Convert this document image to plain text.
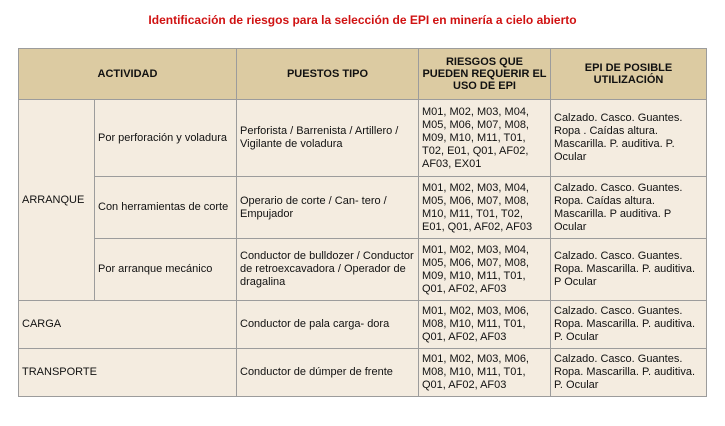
Identificación de riesgos para la selección de EPI en minería a cielo abierto
ACTIVIDAD		PUESTOS TIPO	RIESGOS QUE PUEDEN REQUERIR EL USO DE EPI	EPI DE POSIBLE UTILIZACIÓN
ARRANQUE	Por perforación y voladura	Perforista / Barrenista / Artillero / Vigilante de voladura	M01, M02, M03, M04, M05, M06, M07, M08, M09, M10, M11, T01, T02, E01, Q01, AF02, AF03, EX01	Calzado. Casco. Guantes. Ropa . Caídas altura. Mascarilla. P. auditiva. P. Ocular
	Con herramientas de corte	Operario de corte / Can- tero / Empujador	M01, M02, M03, M04, M05, M06, M07, M08, M10, M11, T01, T02, E01, Q01, AF02, AF03	Calzado. Casco. Guantes. Ropa. Caídas altura. Mascarilla. P auditiva. P Ocular
	Por arranque mecánico	Conductor de bulldozer / Conductor de retroexcavadora / Operador de dragalina	M01, M02, M03, M04, M05, M06, M07, M08, M09, M10, M11, T01, Q01, AF02, AF03	Calzado. Casco. Guantes. Ropa. Mascarilla. P. auditiva. P Ocular
CARGA		Conductor de pala carga- dora	M01, M02, M03, M06, M08, M10, M11, T01, Q01, AF02, AF03	Calzado. Casco. Guantes. Ropa. Mascarilla. P. auditiva. P. Ocular
TRANSPORTE		Conductor de dúmper de frente	M01, M02, M03, M06, M08, M10, M11, T01, Q01, AF02, AF03	Calzado. Casco. Guantes. Ropa. Mascarilla. P. auditiva. P. Ocular
